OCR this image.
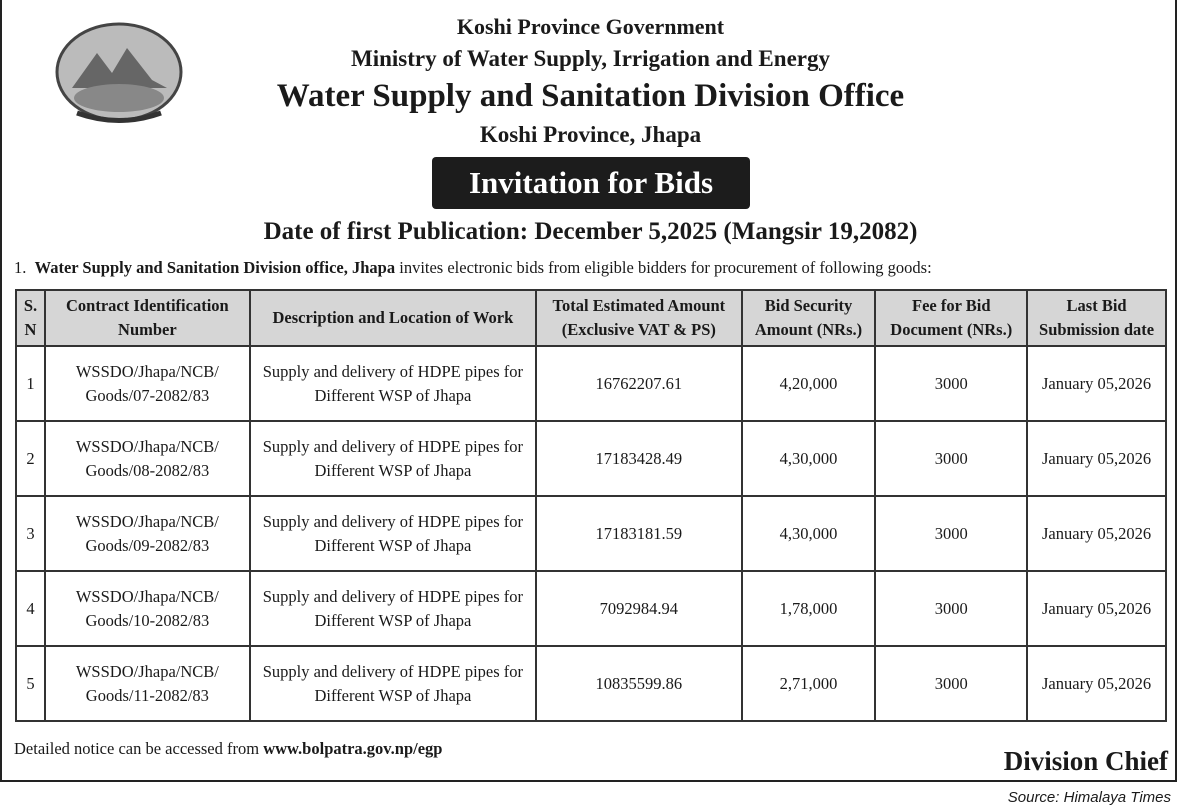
Koshi Province Government
Ministry of Water Supply, Irrigation and Energy
Water Supply and Sanitation Division Office
Koshi Province, Jhapa
Invitation for Bids
Date of first Publication: December 5,2025 (Mangsir 19,2082)
1. Water Supply and Sanitation Division office, Jhapa invites electronic bids from eligible bidders for procurement of following goods:
S. N	Contract Identification Number	Description and Location of Work	Total Estimated Amount (Exclusive VAT & PS)	Bid Security Amount (NRs.)	Fee for Bid Document (NRs.)	Last Bid Submission date
1	WSSDO/Jhapa/NCB/ Goods/07-2082/83	Supply and delivery of HDPE pipes for Different WSP of Jhapa	16762207.61	4,20,000	3000	January 05,2026
2	WSSDO/Jhapa/NCB/ Goods/08-2082/83	Supply and delivery of HDPE pipes for Different WSP of Jhapa	17183428.49	4,30,000	3000	January 05,2026
3	WSSDO/Jhapa/NCB/ Goods/09-2082/83	Supply and delivery of HDPE pipes for Different WSP of Jhapa	17183181.59	4,30,000	3000	January 05,2026
4	WSSDO/Jhapa/NCB/ Goods/10-2082/83	Supply and delivery of HDPE pipes for Different WSP of Jhapa	7092984.94	1,78,000	3000	January 05,2026
5	WSSDO/Jhapa/NCB/ Goods/11-2082/83	Supply and delivery of HDPE pipes for Different WSP of Jhapa	10835599.86	2,71,000	3000	January 05,2026
Detailed notice can be accessed from www.bolpatra.gov.np/egp	Division Chief
Source: Himalaya Times
